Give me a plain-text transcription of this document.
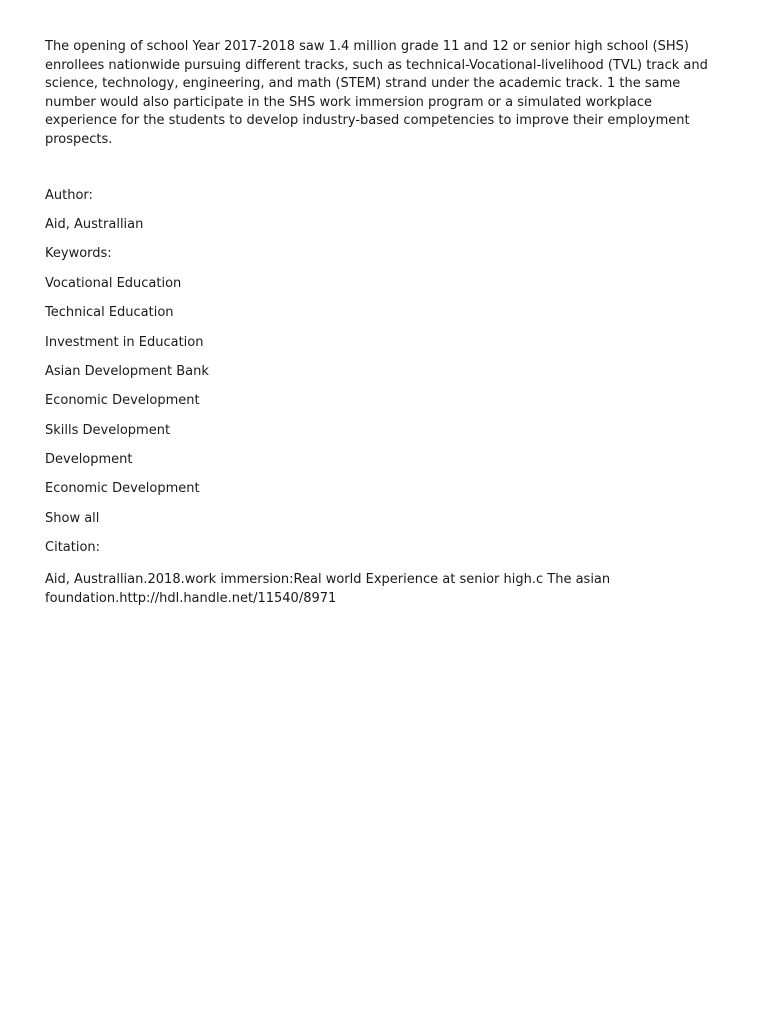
The opening of school Year 2017-2018 saw 1.4 million grade 11 and 12 or senior high school (SHS) enrollees nationwide pursuing different tracks, such as technical-Vocational-livelihood (TVL) track and science, technology, engineering, and math (STEM) strand under the academic track. 1 the same number would also participate in the SHS work immersion program or a simulated workplace experience for the students to develop industry-based competencies to improve their employment prospects.

Author:

Aid, Australlian

Keywords:

Vocational Education

Technical Education

Investment in Education

Asian Development Bank

Economic Development

Skills Development

Development

Economic Development

Show all

Citation:

Aid, Australlian.2018.work immersion:Real world Experience at senior high.c The asian
foundation.http://hdl.handle.net/11540/8971
